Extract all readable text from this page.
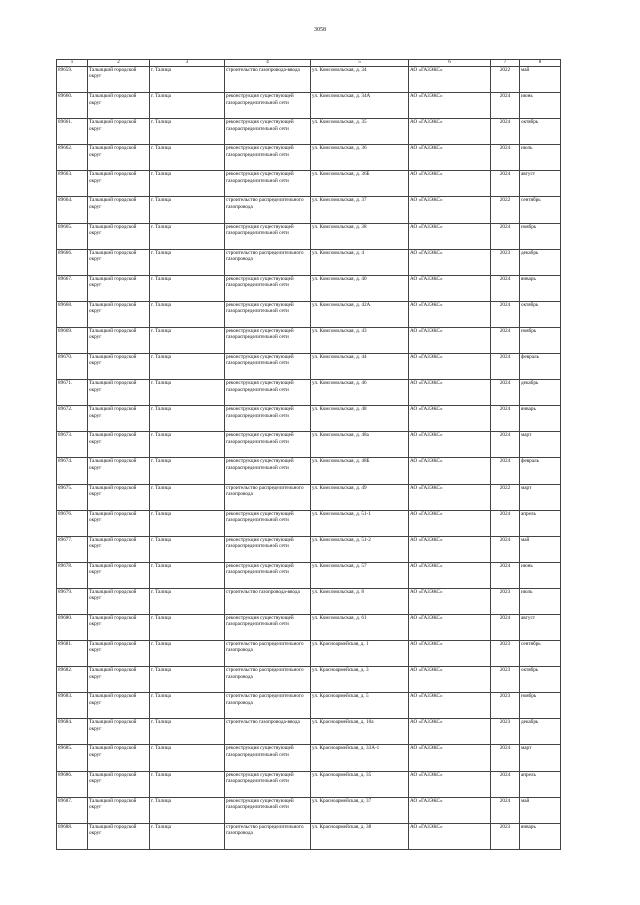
3058
1	2	3	4	5	6	7	8
89659.	Тальицкий городской округ	г. Талица	строительство газопровода-ввода	ул. Комсомольская, д. 34	АО «ГАЗЭКС»	2022	май
89660.	Тальицкий городской округ	г. Талица	реконструкция существующей газораспределительной сети	ул. Комсомольская, д. 34А	АО «ГАЗЭКС»	2024	июнь
89661.	Тальицкий городской округ	г. Талица	реконструкция существующей газораспределительной сети	ул. Комсомольская, д. 35	АО «ГАЗЭКС»	2024	октябрь
89662.	Тальицкий городской округ	г. Талица	реконструкция существующей газораспределительной сети	ул. Комсомольская, д. 36	АО «ГАЗЭКС»	2024	июль
89663.	Тальицкий городской округ	г. Талица	реконструкция существующей газораспределительной сети	ул. Комсомольская, д. 36Б	АО «ГАЗЭКС»	2024	август
89664.	Тальицкий городской округ	г. Талица	строительство распределительного газопровода	ул. Комсомольская, д. 37	АО «ГАЗЭКС»	2022	сентябрь
89665.	Тальицкий городской округ	г. Талица	реконструкция существующей газораспределительной сети	ул. Комсомольская, д. 38	АО «ГАЗЭКС»	2024	ноябрь
89666.	Тальицкий городской округ	г. Талица	строительство распределительного газопровода	ул. Комсомольская, д. 4	АО «ГАЗЭКС»	2023	декабрь
89667.	Тальицкий городской округ	г. Талица	реконструкция существующей газораспределительной сети	ул. Комсомольская, д. 40	АО «ГАЗЭКС»	2024	январь
89668.	Тальицкий городской округ	г. Талица	реконструкция существующей газораспределительной сети	ул. Комсомольская, д. 42А	АО «ГАЗЭКС»	2024	октябрь
89669.	Тальицкий городской округ	г. Талица	реконструкция существующей газораспределительной сети	ул. Комсомольская, д. 43	АО «ГАЗЭКС»	2024	ноябрь
89670.	Тальицкий городской округ	г. Талица	реконструкция существующей газораспределительной сети	ул. Комсомольская, д. 44	АО «ГАЗЭКС»	2024	февраль
89671.	Тальицкий городской округ	г. Талица	реконструкция существующей газораспределительной сети	ул. Комсомольская, д. 46	АО «ГАЗЭКС»	2024	декабрь
89672.	Тальицкий городской округ	г. Талица	реконструкция существующей газораспределительной сети	ул. Комсомольская, д. 48	АО «ГАЗЭКС»	2024	январь
89673.	Тальицкий городской округ	г. Талица	реконструкция существующей газораспределительной сети	ул. Комсомольская, д. 48а	АО «ГАЗЭКС»	2024	март
89674.	Тальицкий городской округ	г. Талица	реконструкция существующей газораспределительной сети	ул. Комсомольская, д. 48Б	АО «ГАЗЭКС»	2024	февраль
89675.	Тальицкий городской округ	г. Талица	строительство распределительного газопровода	ул. Комсомольская, д. 49	АО «ГАЗЭКС»	2022	март
89676.	Тальицкий городской округ	г. Талица	реконструкция существующей газораспределительной сети	ул. Комсомольская, д. 51-1	АО «ГАЗЭКС»	2024	апрель
89677.	Тальицкий городской округ	г. Талица	реконструкция существующей газораспределительной сети	ул. Комсомольская, д. 51-2	АО «ГАЗЭКС»	2024	май
89678.	Тальицкий городской округ	г. Талица	реконструкция существующей газораспределительной сети	ул. Комсомольская, д. 57	АО «ГАЗЭКС»	2024	июнь
89679.	Тальицкий городской округ	г. Талица	строительство газопровода-ввода	ул. Комсомольская, д. 8	АО «ГАЗЭКС»	2023	июль
89680.	Тальицкий городской округ	г. Талица	реконструкция существующей газораспределительной сети	ул. Комсомольская, д. 61	АО «ГАЗЭКС»	2024	август
89681.	Тальицкий городской округ	г. Талица	строительство распределительного газопровода	ул. Красноармейская, д. 1	АО «ГАЗЭКС»	2023	сентябрь
89682.	Тальицкий городской округ	г. Талица	строительство распределительного газопровода	ул. Красноармейская, д. 3	АО «ГАЗЭКС»	2023	октябрь
89683.	Тальицкий городской округ	г. Талица	строительство распределительного газопровода	ул. Красноармейская, д. 5	АО «ГАЗЭКС»	2023	ноябрь
89684.	Тальицкий городской округ	г. Талица	строительство газопровода-ввода	ул. Красноармейская, д. 10а	АО «ГАЗЭКС»	2023	декабрь
89685.	Тальицкий городской округ	г. Талица	реконструкция существующей газораспределительной сети	ул. Красноармейская, д. 33А-1	АО «ГАЗЭКС»	2024	март
89686.	Тальицкий городской округ	г. Талица	реконструкция существующей газораспределительной сети	ул. Красноармейская, д. 35	АО «ГАЗЭКС»	2024	апрель
89687.	Тальицкий городской округ	г. Талица	реконструкция существующей газораспределительной сети	ул. Красноармейская, д. 37	АО «ГАЗЭКС»	2024	май
89688.	Тальицкий городской округ	г. Талица	строительство распределительного газопровода	ул. Красноармейская, д. 38	АО «ГАЗЭКС»	2023	январь
